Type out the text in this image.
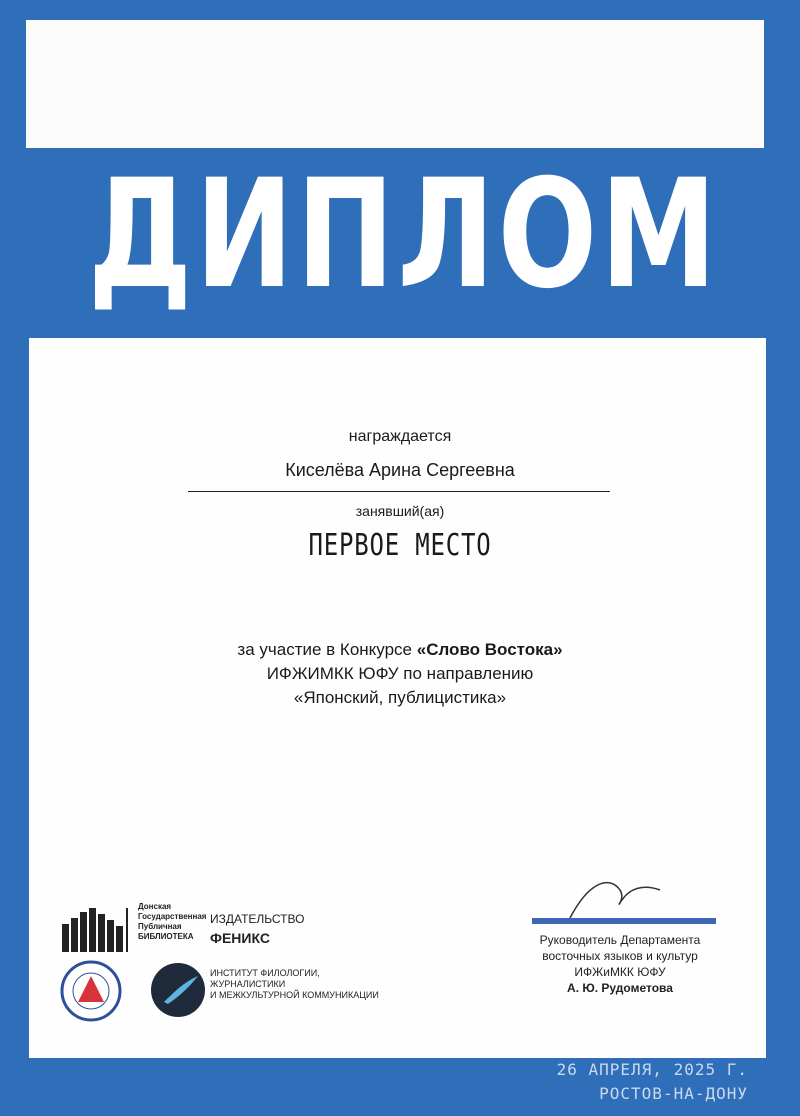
ДИПЛОМ
награждается
Киселёва Арина Сергеевна
занявший(ая)
ПЕРВОЕ МЕСТО
за участие в Конкурсе «Слово Востока»
ИФЖИМКК ЮФУ по направлению
«Японский, публицистика»
Донская
Государственная
Публичная
БИБЛИОТЕКА
ИЗДАТЕЛЬСТВО
ФЕНИКС
ИНСТИТУТ ФИЛОЛОГИИ,
ЖУРНАЛИСТИКИ
И МЕЖКУЛЬТУРНОЙ КОММУНИКАЦИИ
Руководитель Департамента
восточных языков и культур
ИФЖиМКК ЮФУ
А. Ю. Рудометова
26 АПРЕЛЯ, 2025 Г.
РОСТОВ-НА-ДОНУ
